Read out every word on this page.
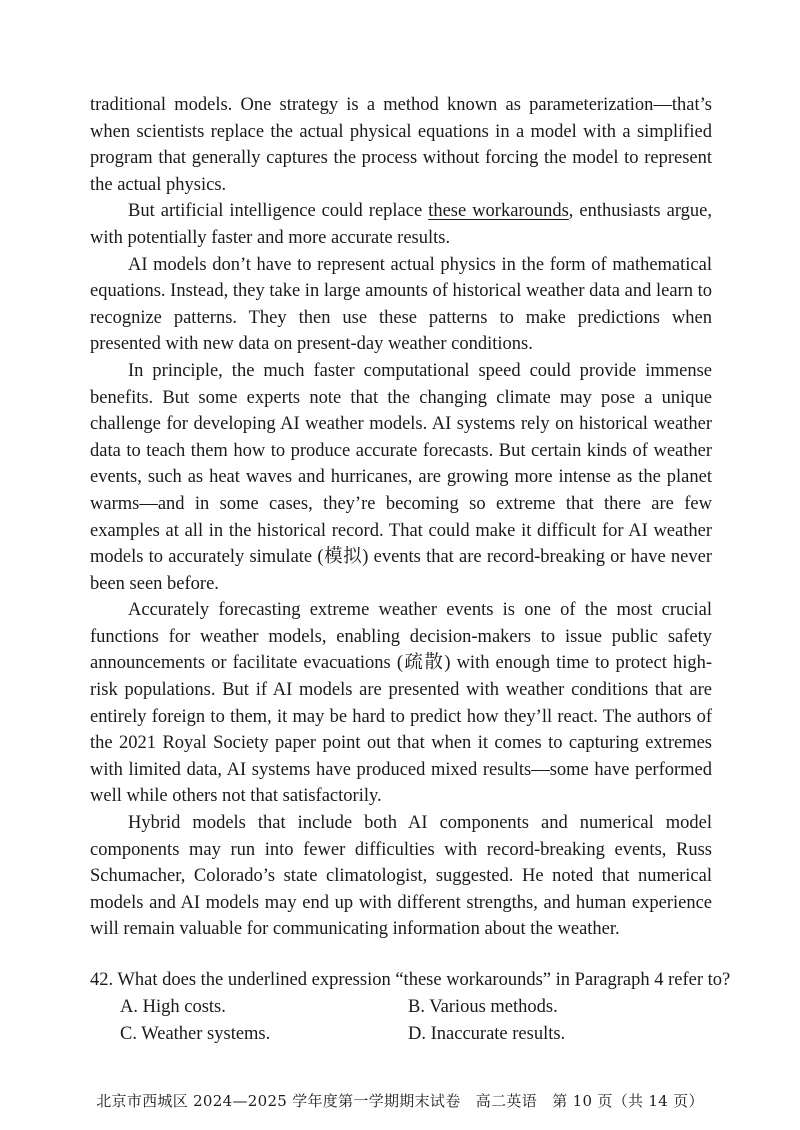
traditional models. One strategy is a method known as parameterization—that’s when scientists replace the actual physical equations in a model with a simplified program that generally captures the process without forcing the model to represent the actual physics.

But artificial intelligence could replace these workarounds, enthusiasts argue, with potentially faster and more accurate results.

AI models don’t have to represent actual physics in the form of mathematical equations. Instead, they take in large amounts of historical weather data and learn to recognize patterns. They then use these patterns to make predictions when presented with new data on present-day weather conditions.

In principle, the much faster computational speed could provide immense benefits. But some experts note that the changing climate may pose a unique challenge for developing AI weather models. AI systems rely on historical weather data to teach them how to produce accurate forecasts. But certain kinds of weather events, such as heat waves and hurricanes, are growing more intense as the planet warms—and in some cases, they’re becoming so extreme that there are few examples at all in the historical record. That could make it difficult for AI weather models to accurately simulate (模拟) events that are record-breaking or have never been seen before.

Accurately forecasting extreme weather events is one of the most crucial functions for weather models, enabling decision-makers to issue public safety announcements or facilitate evacuations (疏散) with enough time to protect high-risk populations. But if AI models are presented with weather conditions that are entirely foreign to them, it may be hard to predict how they’ll react. The authors of the 2021 Royal Society paper point out that when it comes to capturing extremes with limited data, AI systems have produced mixed results—some have performed well while others not that satisfactorily.

Hybrid models that include both AI components and numerical model components may run into fewer difficulties with record-breaking events, Russ Schumacher, Colorado’s state climatologist, suggested. He noted that numerical models and AI models may end up with different strengths, and human experience will remain valuable for communicating information about the weather.

42. What does the underlined expression “these workarounds” in Paragraph 4 refer to?

A. High costs.	B. Various methods.
C. Weather systems.	D. Inaccurate results.
北京市西城区 2024—2025 学年度第一学期期末试卷　高二英语　第 10 页（共 14 页）
